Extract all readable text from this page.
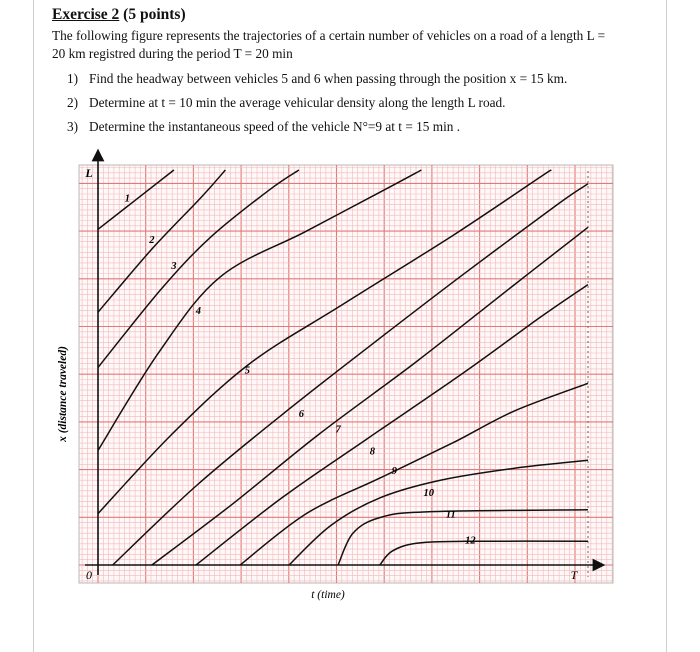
Exercise 2 (5 points)
The following figure represents the trajectories of a certain number of vehicles on a road of a length L =
20 km registred during the period T = 20 min
1) Find the headway between vehicles 5 and 6 when passing through the position x = 15 km.
2) Determine at t = 10 min the average vehicular density along the length L road.
3) Determine the instantaneous speed of the vehicle N°=9 at t = 15 min .
1
2
3
4
5
6
7
8
9
10
11
12
L
0	T
t (time)
x (distance traveled)
